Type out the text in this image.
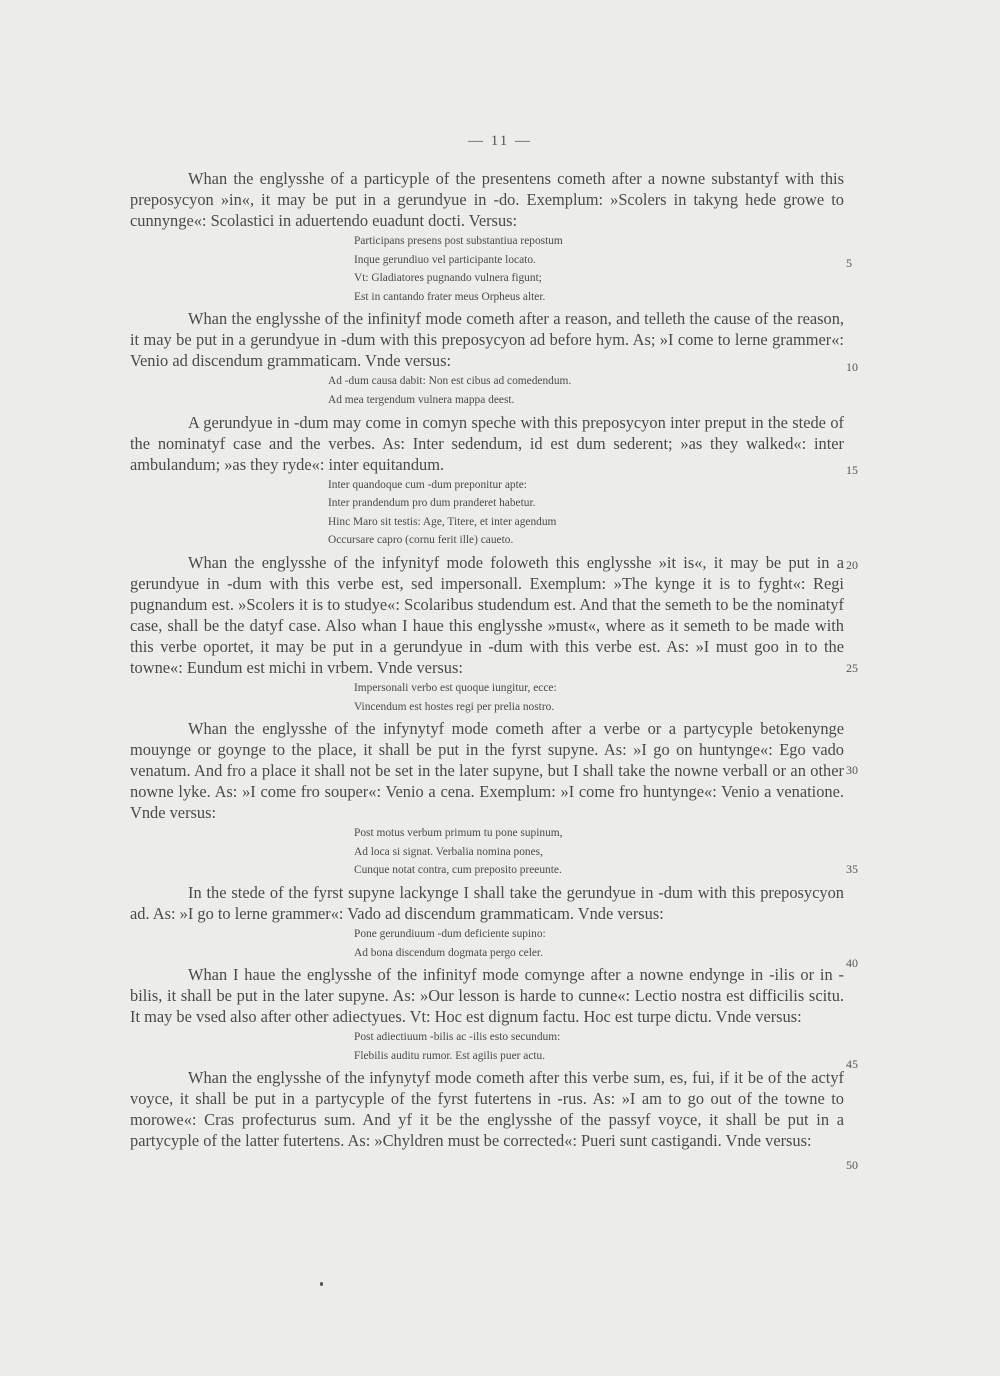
— 11 —

Whan the englysshe of a particyple of the presentens cometh after a nowne substantyf with this preposycyon »in«, it may be put in a gerundyue in -do. Exemplum: »Scolers in takyng hede growe to cunnynge«: Scolastici in aduertendo euadunt docti. Versus:

Participans presens post substantiua repostum
Inque gerundiuo vel participante locato.
Vt: Gladiatores pugnando vulnera figunt;
Est in cantando frater meus Orpheus alter.

Whan the englysshe of the infinityf mode cometh after a reason, and telleth the cause of the reason, it may be put in a gerundyue in -dum with this preposycyon ad before hym. As; »I come to lerne grammer«: Venio ad discendum grammaticam. Vnde versus:

Ad -dum causa dabit: Non est cibus ad comedendum.
Ad mea tergendum vulnera mappa deest.

A gerundyue in -dum may come in comyn speche with this preposycyon inter preput in the stede of the nominatyf case and the verbes. As: Inter sedendum, id est dum sederent; »as they walked«: inter ambulandum; »as they ryde«: inter equitandum.

Inter quandoque cum -dum preponitur apte:
Inter prandendum pro dum pranderet habetur.
Hinc Maro sit testis: Age, Titere, et inter agendum
Occursare capro (cornu ferit ille) caueto.

Whan the englysshe of the infynityf mode foloweth this englysshe »it is«, it may be put in a gerundyue in -dum with this verbe est, sed impersonall. Exemplum: »The kynge it is to fyght«: Regi pugnandum est. »Scolers it is to studye«: Scolaribus studendum est. And that the semeth to be the nominatyf case, shall be the datyf case. Also whan I haue this englysshe »must«, where as it semeth to be made with this verbe oportet, it may be put in a gerundyue in -dum with this verbe est. As: »I must goo in to the towne«: Eundum est michi in vrbem. Vnde versus:

Impersonali verbo est quoque iungitur, ecce:
Vincendum est hostes regi per prelia nostro.

Whan the englysshe of the infynytyf mode cometh after a verbe or a partycyple betokenynge mouynge or goynge to the place, it shall be put in the fyrst supyne. As: »I go on huntynge«: Ego vado venatum. And fro a place it shall not be set in the later supyne, but I shall take the nowne verball or an other nowne lyke. As: »I come fro souper«: Venio a cena. Exemplum: »I come fro huntynge«: Venio a venatione. Vnde versus:

Post motus verbum primum tu pone supinum,
Ad loca si signat. Verbalia nomina pones,
Cunque notat contra, cum preposito preeunte.

In the stede of the fyrst supyne lackynge I shall take the gerundyue in -dum with this preposycyon ad. As: »I go to lerne grammer«: Vado ad discendum grammaticam. Vnde versus:

Pone gerundiuum -dum deficiente supino:
Ad bona discendum dogmata pergo celer.

Whan I haue the englysshe of the infinityf mode comynge after a nowne endynge in -ilis or in -bilis, it shall be put in the later supyne. As: »Our lesson is harde to cunne«: Lectio nostra est difficilis scitu. It may be vsed also after other adiectyues. Vt: Hoc est dignum factu. Hoc est turpe dictu. Vnde versus:

Post adiectiuum -bilis ac -ilis esto secundum:
Flebilis auditu rumor. Est agilis puer actu.

Whan the englysshe of the infynytyf mode cometh after this verbe sum, es, fui, if it be of the actyf voyce, it shall be put in a partycyple of the fyrst futertens in -rus. As: »I am to go out of the towne to morowe«: Cras profecturus sum. And yf it be the englysshe of the passyf voyce, it shall be put in a partycyple of the latter futertens. As: »Chyldren must be corrected«: Pueri sunt castigandi. Vnde versus:

5
10
15
20
25
30
35
40
45
50
